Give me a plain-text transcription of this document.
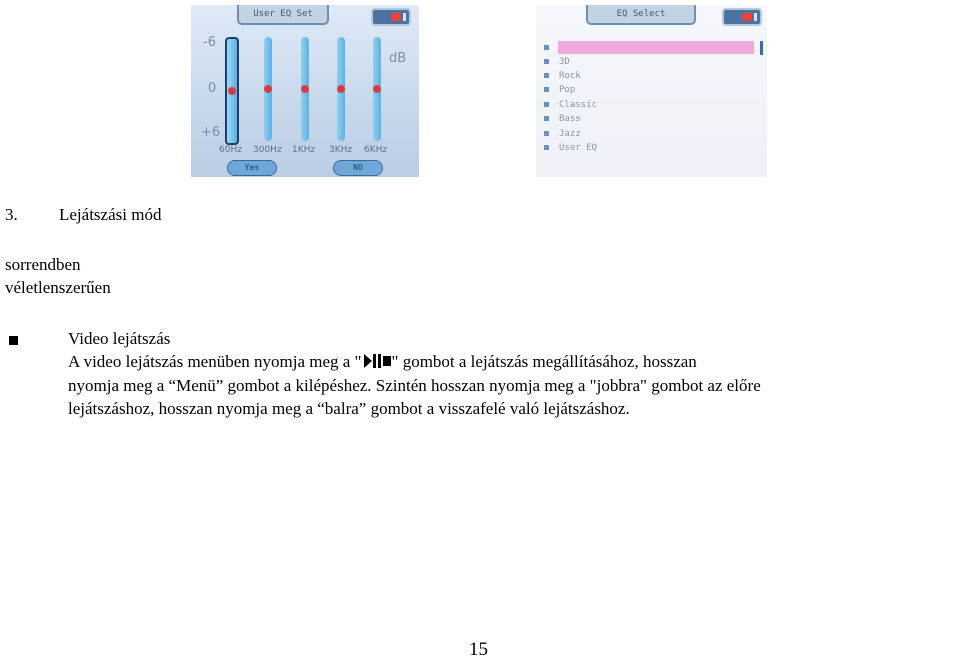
User EQ Set
-6
0
+6
dB
60Hz 300Hz 1KHz 3KHz 6KHz
Yes	NO
EQ Select
3D
Rock
Pop
Classic
Bass
Jazz
User EQ
3. Lejátszási mód
sorrendben
véletlenszerűen
Video lejátszás
A video lejátszás menüben nyomja meg a " " gombot a lejátszás megállításához, hosszan
nyomja meg a “Menü” gombot a kilépéshez. Szintén hosszan nyomja meg a "jobbra" gombot az előre
lejátszáshoz, hosszan nyomja meg a “balra” gombot a visszafelé való lejátszáshoz.
15
